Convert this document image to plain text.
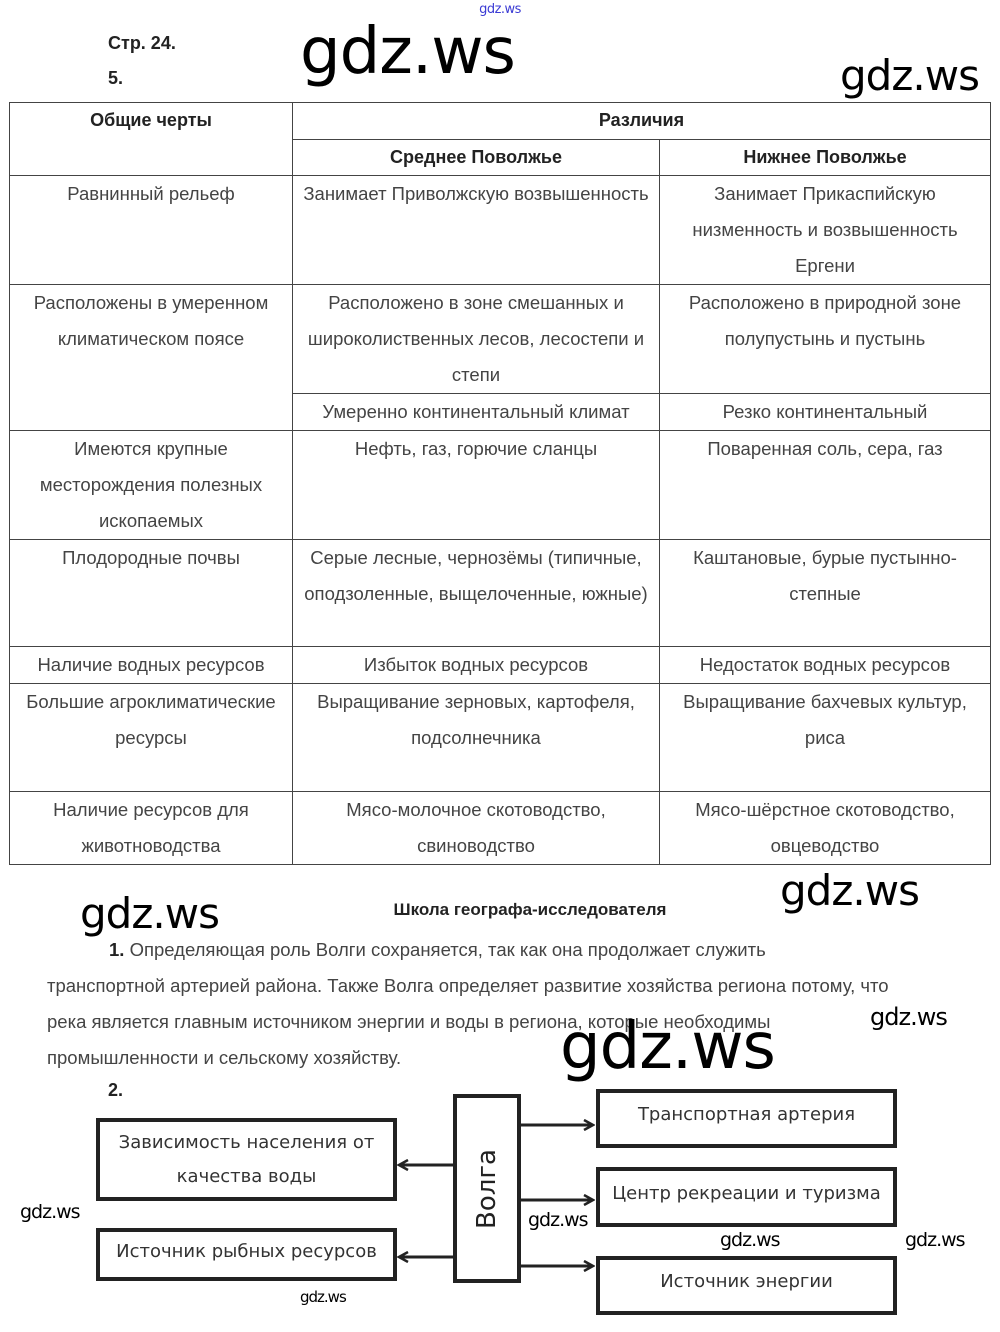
gdz.ws
Стр. 24.
5.
Общие черты	Различия	
	Среднее Поволжье	Нижнее Поволжье
Равнинный рельеф	Занимает Приволжскую возвышенность	Занимает Прикаспийскую низменность и возвышенность Ергени
Расположены в умеренном климатическом поясе	Расположено в зоне смешанных и широколиственных лесов, лесостепи и степи	Расположено в природной зоне полупустынь и пустынь
	Умеренно континентальный климат	Резко континентальный
Имеются крупные месторождения полезных ископаемых	Нефть, газ, горючие сланцы	Поваренная соль, сера, газ
Плодородные почвы	Серые лесные, чернозёмы (типичные, оподзоленные, выщелоченные, южные)	Каштановые, бурые пустынно-степные
Наличие водных ресурсов	Избыток водных ресурсов	Недостаток водных ресурсов
Большие агроклиматические ресурсы	Выращивание зерновых, картофеля, подсолнечника	Выращивание бахчевых культур, риса
Наличие ресурсов для животноводства	Мясо-молочное скотоводство, свиноводство	Мясо-шёрстное скотоводство, овцеводство
Школа географа-исследователя
1. Определяющая роль Волги сохраняется, так как она продолжает служить
транспортной артерией района. Также Волга определяет развитие хозяйства региона потому, что река является главным источником энергии и воды в региона, которые необходимы промышленности и сельскому хозяйству.
2.
Волга
Зависимость населения от качества воды
Источник рыбных ресурсов
Транспортная артерия
Центр рекреации и туризма
Источник энергии
gdz.ws
gdz.ws
gdz.ws
gdz.ws
gdz.ws
gdz.ws
gdz.ws
gdz.ws
gdz.ws
gdz.ws	gdz.ws
